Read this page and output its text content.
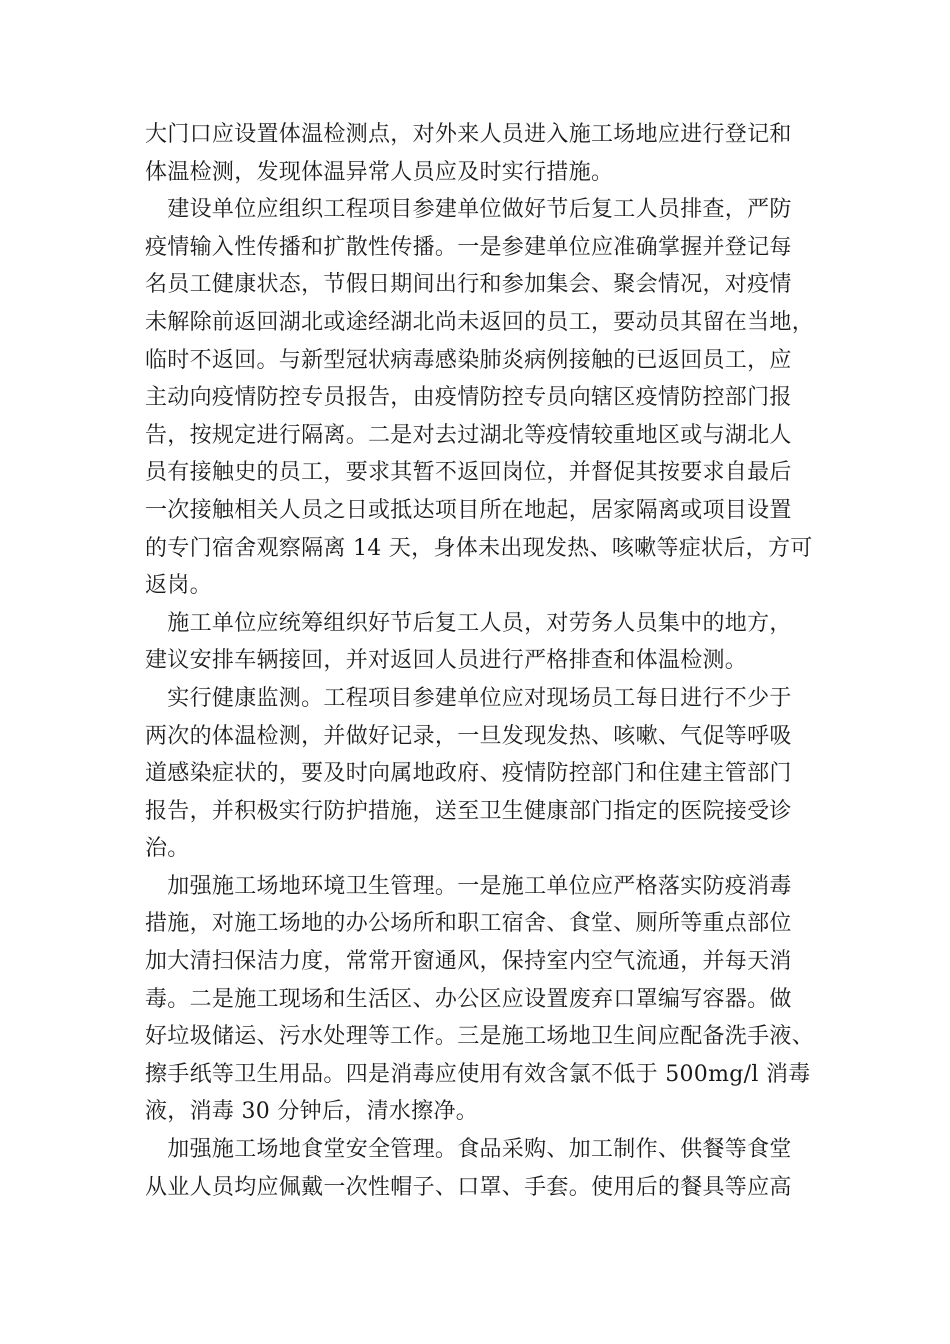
大门口应设置体温检测点，对外来人员进入施工场地应进行登记和
体温检测，发现体温异常人员应及时实行措施。
　建设单位应组织工程项目参建单位做好节后复工人员排查，严防
疫情输入性传播和扩散性传播。一是参建单位应准确掌握并登记每
名员工健康状态，节假日期间出行和参加集会、聚会情况，对疫情
未解除前返回湖北或途经湖北尚未返回的员工，要动员其留在当地，
临时不返回。与新型冠状病毒感染肺炎病例接触的已返回员工，应
主动向疫情防控专员报告，由疫情防控专员向辖区疫情防控部门报
告，按规定进行隔离。二是对去过湖北等疫情较重地区或与湖北人
员有接触史的员工，要求其暂不返回岗位，并督促其按要求自最后
一次接触相关人员之日或抵达项目所在地起，居家隔离或项目设置
的专门宿舍观察隔离 14 天，身体未出现发热、咳嗽等症状后，方可
返岗。
　施工单位应统筹组织好节后复工人员，对劳务人员集中的地方，
建议安排车辆接回，并对返回人员进行严格排查和体温检测。
　实行健康监测。工程项目参建单位应对现场员工每日进行不少于
两次的体温检测，并做好记录，一旦发现发热、咳嗽、气促等呼吸
道感染症状的，要及时向属地政府、疫情防控部门和住建主管部门
报告，并积极实行防护措施，送至卫生健康部门指定的医院接受诊
治。
　加强施工场地环境卫生管理。一是施工单位应严格落实防疫消毒
措施，对施工场地的办公场所和职工宿舍、食堂、厕所等重点部位
加大清扫保洁力度，常常开窗通风，保持室内空气流通，并每天消
毒。二是施工现场和生活区、办公区应设置废弃口罩编写容器。做
好垃圾储运、污水处理等工作。三是施工场地卫生间应配备洗手液、
擦手纸等卫生用品。四是消毒应使用有效含氯不低于 500mg/l 消毒
液，消毒 30 分钟后，清水擦净。
　加强施工场地食堂安全管理。食品采购、加工制作、供餐等食堂
从业人员均应佩戴一次性帽子、口罩、手套。使用后的餐具等应高
